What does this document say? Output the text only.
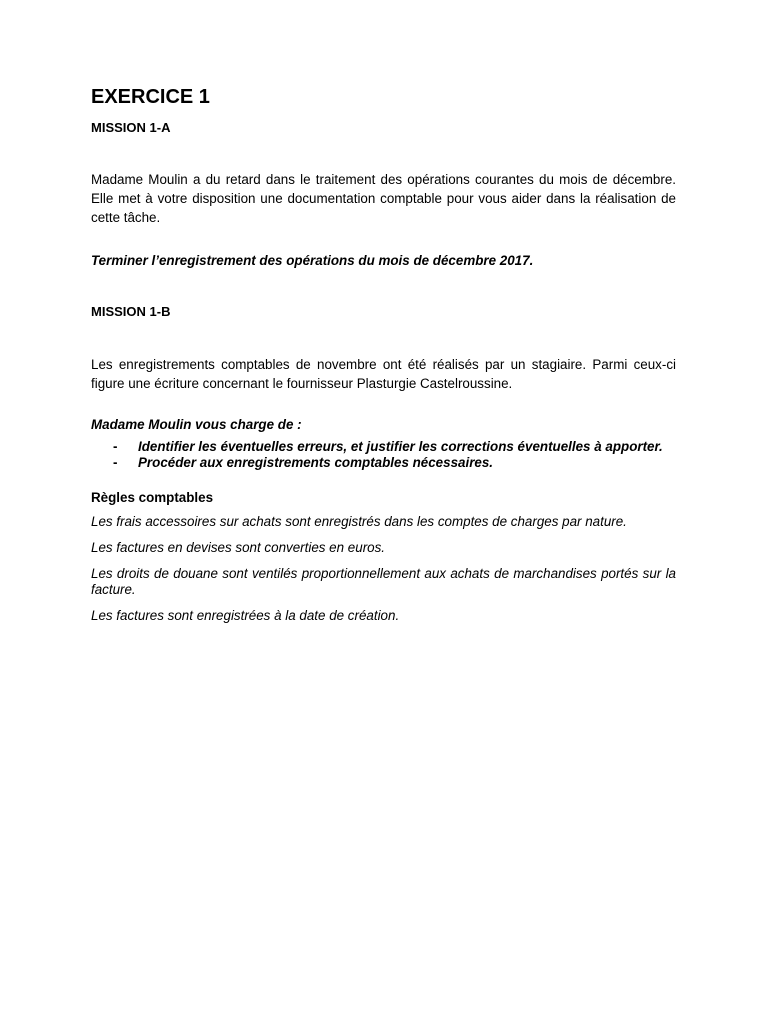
EXERCICE 1

MISSION 1-A

Madame Moulin a du retard dans le traitement des opérations courantes du mois de décembre. Elle met à votre disposition une documentation comptable pour vous aider dans la réalisation de cette tâche.

Terminer l’enregistrement des opérations du mois de décembre 2017.

MISSION 1-B

Les enregistrements comptables de novembre ont été réalisés par un stagiaire. Parmi ceux-ci figure une écriture concernant le fournisseur Plasturgie Castelroussine.

Madame Moulin vous charge de :

- Identifier les éventuelles erreurs, et justifier les corrections éventuelles à apporter.
- Procéder aux enregistrements comptables nécessaires.

Règles comptables

Les frais accessoires sur achats sont enregistrés dans les comptes de charges par nature.

Les factures en devises sont converties en euros.

Les droits de douane sont ventilés proportionnellement aux achats de marchandises portés sur la facture.

Les factures sont enregistrées à la date de création.
